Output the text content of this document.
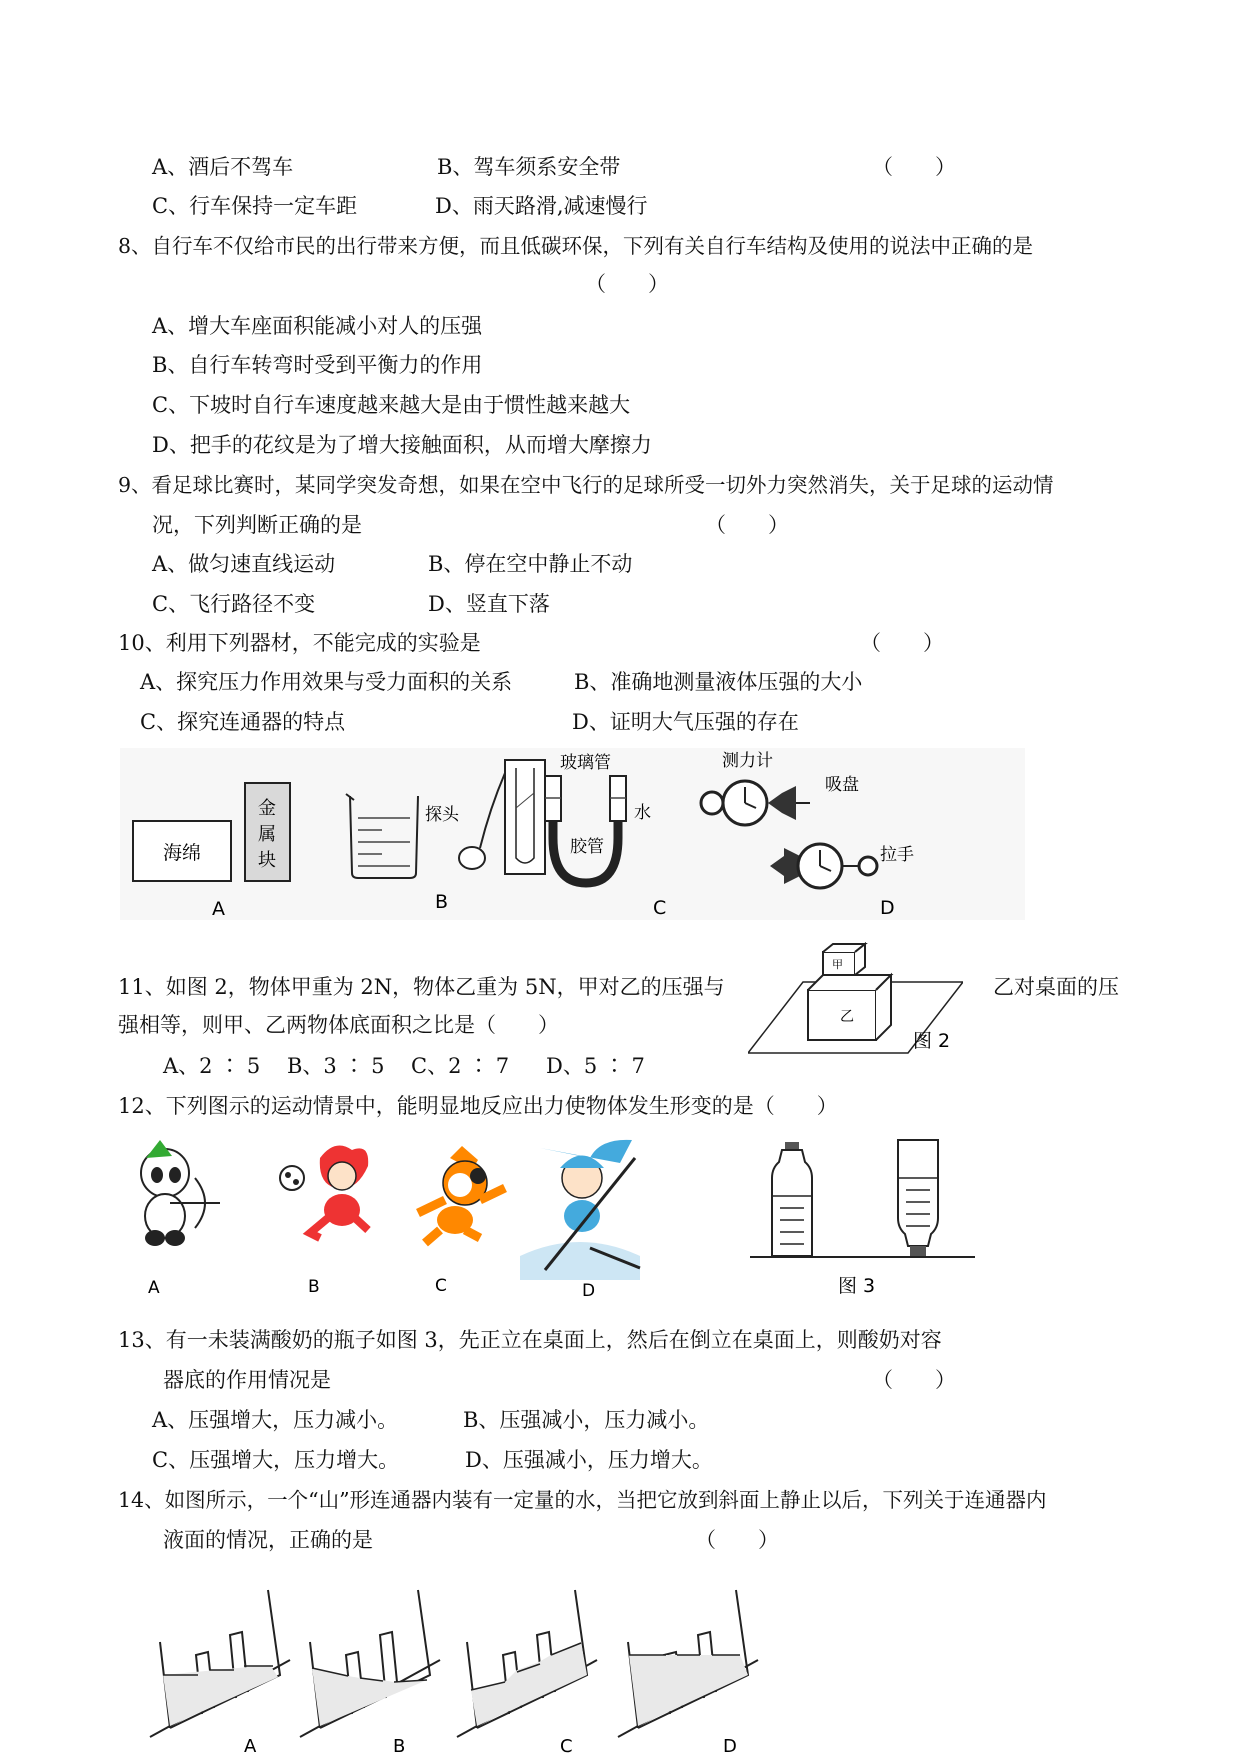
A、酒后不驾车	B、驾车须系安全带	（　　）
C、行车保持一定车距	D、雨天路滑,减速慢行
8、自行车不仅给市民的出行带来方便，而且低碳环保，下列有关自行车结构及使用的说法中正确的是
（　　）
A、增大车座面积能减小对人的压强
B、自行车转弯时受到平衡力的作用
C、下坡时自行车速度越来越大是由于惯性越来越大
D、把手的花纹是为了增大接触面积，从而增大摩擦力
9、看足球比赛时，某同学突发奇想，如果在空中飞行的足球所受一切外力突然消失，关于足球的运动情
况，下列判断正确的是	（　　）
A、做匀速直线运动	B、停在空中静止不动
C、飞行路径不变	D、竖直下落
10、利用下列器材，不能完成的实验是	（　　）
A、探究压力作用效果与受力面积的关系	B、准确地测量液体压强的大小
C、探究连通器的特点	D、证明大气压强的存在
海绵
金
属
块
探头
玻璃管
胶管
水
测力计
吸盘
拉手
A	B	C	D
11、如图 2，物体甲重为 2N，物体乙重为 5N，甲对乙的压强与	乙对桌面的压
强相等，则甲、乙两物体底面积之比是（　　）
A、2 ∶ 5 B、3 ∶ 5 C、2 ∶ 7 D、5 ∶ 7
乙
甲
图 2
12、下列图示的运动情景中，能明显地反应出力使物体发生形变的是（　　）
A	B	C	D	图 3
13、有一未装满酸奶的瓶子如图 3，先正立在桌面上，然后在倒立在桌面上，则酸奶对容
器底的作用情况是	（　　）
A、压强增大，压力减小。	B、压强减小，压力减小。
C、压强增大，压力增大。	D、压强减小，压力增大。
14、如图所示，一个“山”形连通器内装有一定量的水，当把它放到斜面上静止以后，下列关于连通器内
液面的情况，正确的是	（　　）
A	B	C	D
